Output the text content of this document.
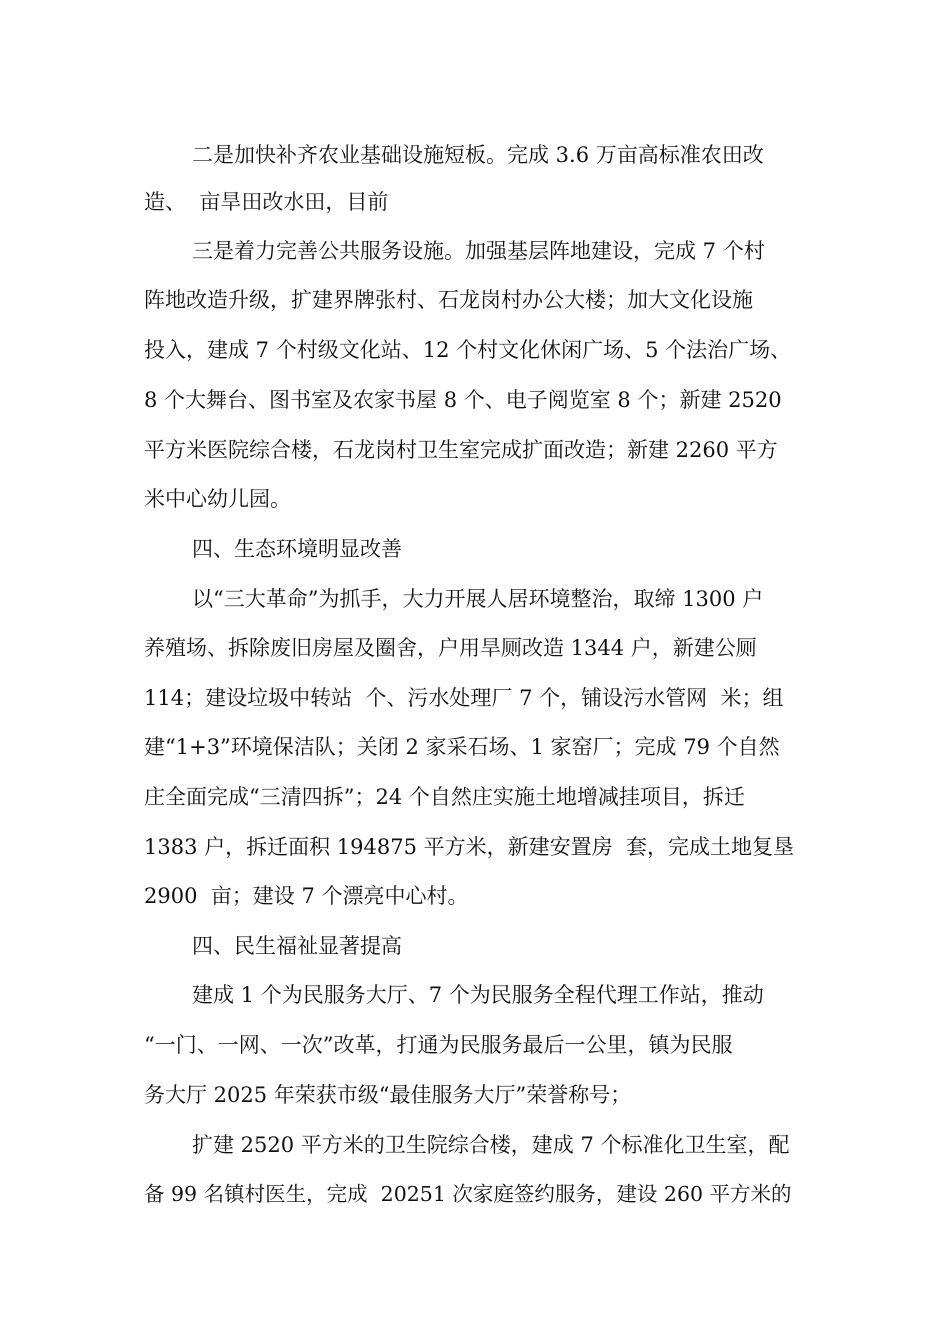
二是加快补齐农业基础设施短板。完成 3.6 万亩高标准农田改
造、  亩旱田改水田，目前
三是着力完善公共服务设施。加强基层阵地建设，完成 7 个村
阵地改造升级，扩建界牌张村、石龙岗村办公大楼；加大文化设施
投入，建成 7 个村级文化站、12 个村文化休闲广场、5 个法治广场、
8 个大舞台、图书室及农家书屋 8 个、电子阅览室 8 个；新建 2520
平方米医院综合楼，石龙岗村卫生室完成扩面改造；新建 2260 平方
米中心幼儿园。
四、生态环境明显改善
以“三大革命”为抓手，大力开展人居环境整治，取缔 1300 户
养殖场、拆除废旧房屋及圈舍，户用旱厕改造 1344 户，新建公厕
114；建设垃圾中转站  个、污水处理厂 7 个，铺设污水管网  米；组
建“1+3”环境保洁队；关闭 2 家采石场、1 家窑厂；完成 79 个自然
庄全面完成“三清四拆”；24 个自然庄实施土地增减挂项目，拆迁
1383 户，拆迁面积 194875 平方米，新建安置房  套，完成土地复垦
2900  亩；建设 7 个漂亮中心村。
四、民生福祉显著提高
建成 1 个为民服务大厅、7 个为民服务全程代理工作站，推动
“一门、一网、一次”改革，打通为民服务最后一公里，镇为民服
务大厅 2025 年荣获市级“最佳服务大厅”荣誉称号；
扩建 2520 平方米的卫生院综合楼，建成 7 个标准化卫生室，配
备 99 名镇村医生，完成  20251 次家庭签约服务，建设 260 平方米的
